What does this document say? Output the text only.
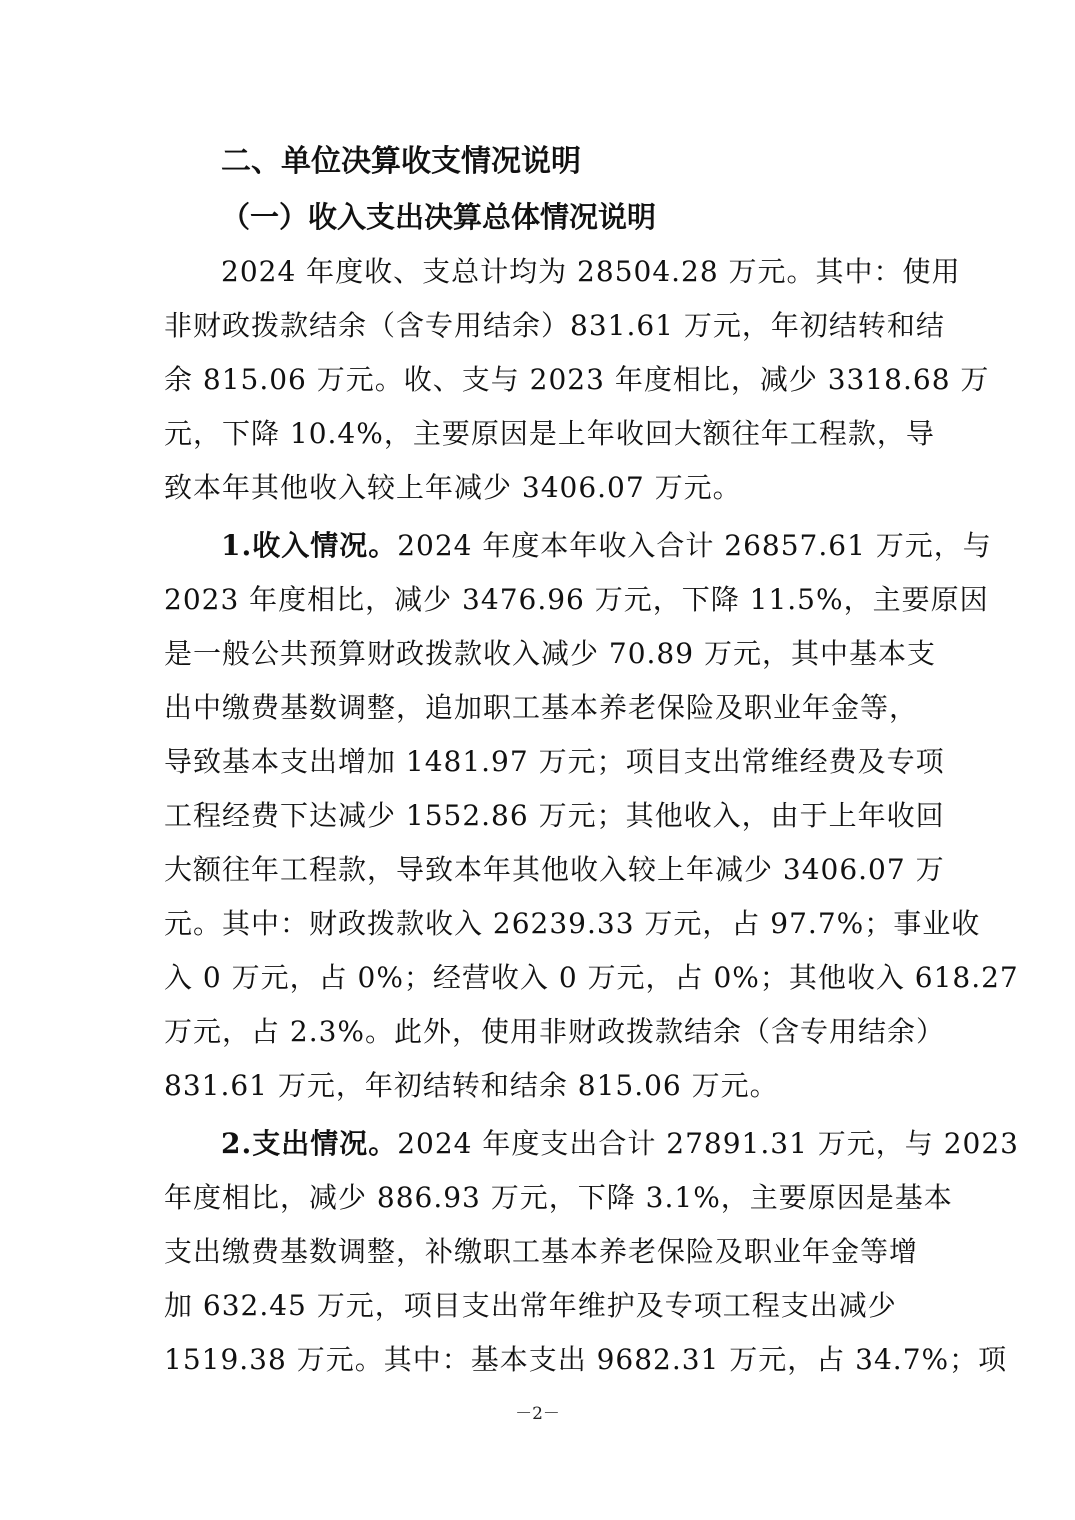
二、单位决算收支情况说明
（一）收入支出决算总体情况说明
2024 年度收、支总计均为 28504.28 万元。其中：使用
非财政拨款结余（含专用结余）831.61 万元，年初结转和结
余 815.06 万元。收、支与 2023 年度相比，减少 3318.68 万
元，下降 10.4%，主要原因是上年收回大额往年工程款，导
致本年其他收入较上年减少 3406.07 万元。
1.收入情况。2024 年度本年收入合计 26857.61 万元，与
2023 年度相比，减少 3476.96 万元，下降 11.5%，主要原因
是一般公共预算财政拨款收入减少 70.89 万元，其中基本支
出中缴费基数调整，追加职工基本养老保险及职业年金等，
导致基本支出增加 1481.97 万元；项目支出常维经费及专项
工程经费下达减少 1552.86 万元；其他收入，由于上年收回
大额往年工程款，导致本年其他收入较上年减少 3406.07 万
元。其中：财政拨款收入 26239.33 万元，占 97.7%；事业收
入 0 万元，占 0%；经营收入 0 万元，占 0%；其他收入 618.27
万元，占 2.3%。此外，使用非财政拨款结余（含专用结余）
831.61 万元，年初结转和结余 815.06 万元。
2.支出情况。2024 年度支出合计 27891.31 万元，与 2023
年度相比，减少 886.93 万元，下降 3.1%，主要原因是基本
支出缴费基数调整，补缴职工基本养老保险及职业年金等增
加 632.45 万元，项目支出常年维护及专项工程支出减少
1519.38 万元。其中：基本支出 9682.31 万元，占 34.7%；项
－2－
